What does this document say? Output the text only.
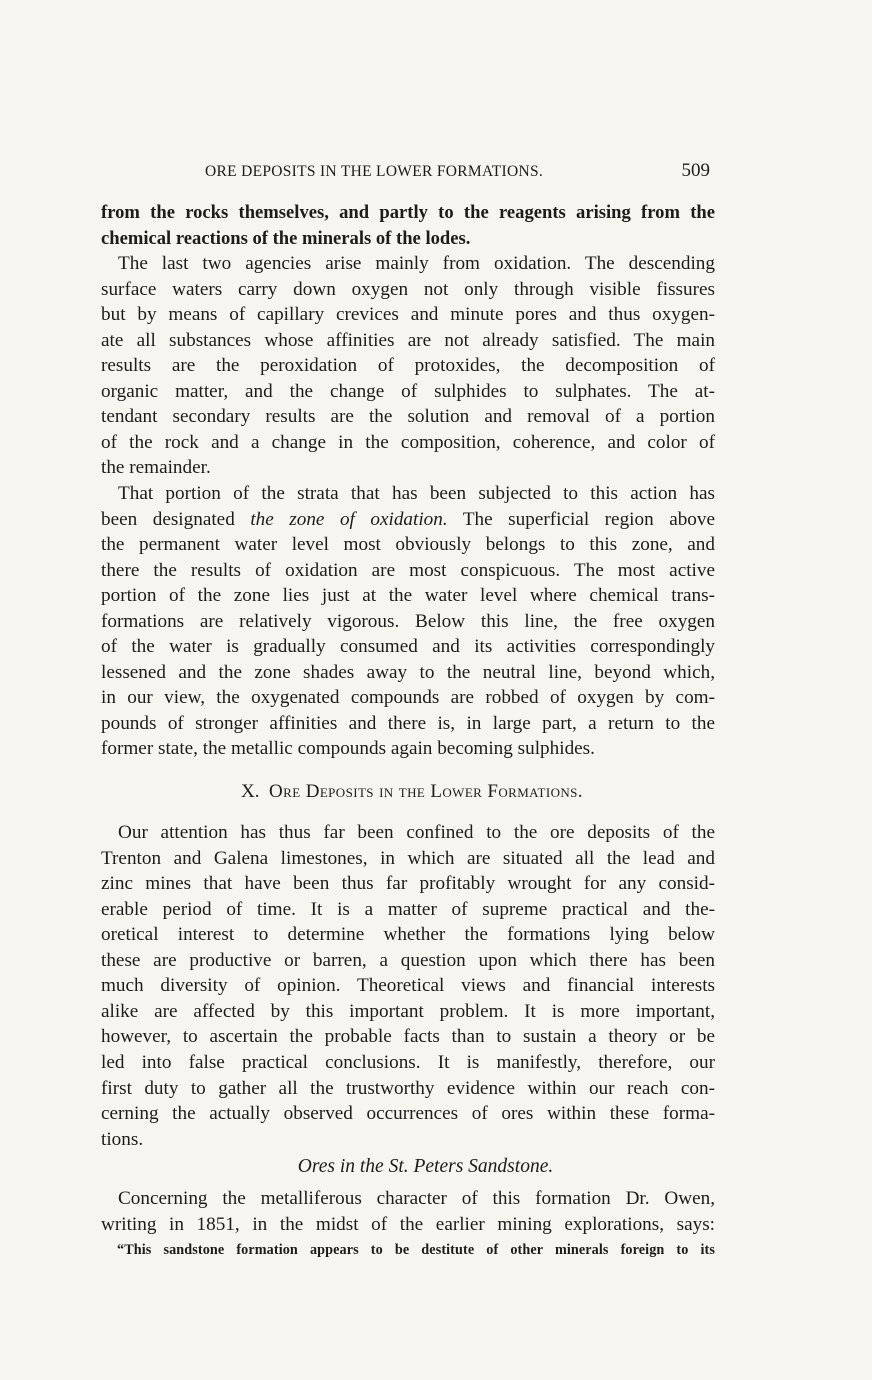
ORE DEPOSITS IN THE LOWER FORMATIONS.	509
from the rocks themselves, and partly to the reagents arising from the
chemical reactions of the minerals of the lodes.
The last two agencies arise mainly from oxidation. The descending
surface waters carry down oxygen not only through visible fissures
but by means of capillary crevices and minute pores and thus oxygen-
ate all substances whose affinities are not already satisfied. The main
results are the peroxidation of protoxides, the decomposition of
organic matter, and the change of sulphides to sulphates. The at-
tendant secondary results are the solution and removal of a portion
of the rock and a change in the composition, coherence, and color of
the remainder.
That portion of the strata that has been subjected to this action has
been designated the zone of oxidation. The superficial region above
the permanent water level most obviously belongs to this zone, and
there the results of oxidation are most conspicuous. The most active
portion of the zone lies just at the water level where chemical trans-
formations are relatively vigorous. Below this line, the free oxygen
of the water is gradually consumed and its activities correspondingly
lessened and the zone shades away to the neutral line, beyond which,
in our view, the oxygenated compounds are robbed of oxygen by com-
pounds of stronger affinities and there is, in large part, a return to the
former state, the metallic compounds again becoming sulphides.
X. Ore Deposits in the Lower Formations.
Our attention has thus far been confined to the ore deposits of the
Trenton and Galena limestones, in which are situated all the lead and
zinc mines that have been thus far profitably wrought for any consid-
erable period of time. It is a matter of supreme practical and the-
oretical interest to determine whether the formations lying below
these are productive or barren, a question upon which there has been
much diversity of opinion. Theoretical views and financial interests
alike are affected by this important problem. It is more important,
however, to ascertain the probable facts than to sustain a theory or be
led into false practical conclusions. It is manifestly, therefore, our
first duty to gather all the trustworthy evidence within our reach con-
cerning the actually observed occurrences of ores within these forma-
tions.
Ores in the St. Peters Sandstone.
Concerning the metalliferous character of this formation Dr. Owen,
writing in 1851, in the midst of the earlier mining explorations, says:
“This sandstone formation appears to be destitute of other minerals foreign to its
